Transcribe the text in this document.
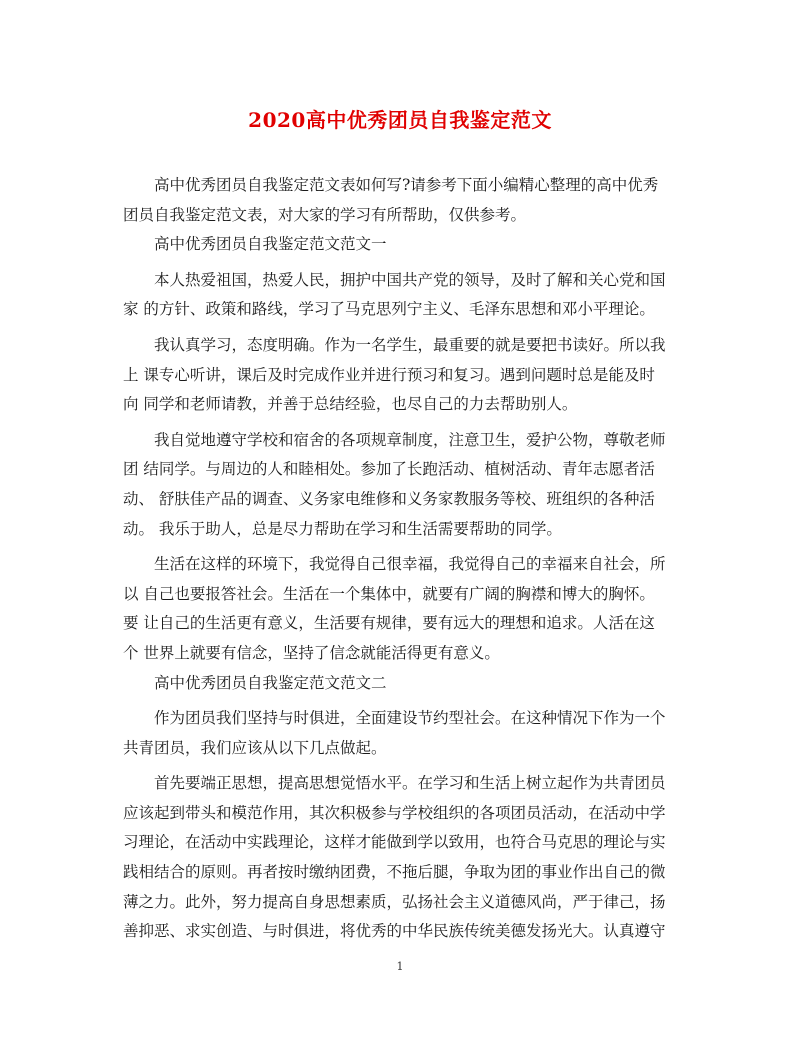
2020高中优秀团员自我鉴定范文
高中优秀团员自我鉴定范文表如何写?请参考下面小编精心整理的高中优秀
团员自我鉴定范文表，对大家的学习有所帮助，仅供参考。
高中优秀团员自我鉴定范文范文一
本人热爱祖国，热爱人民，拥护中国共产党的领导，及时了解和关心党和国
家 的方针、政策和路线，学习了马克思列宁主义、毛泽东思想和邓小平理论。
我认真学习，态度明确。作为一名学生，最重要的就是要把书读好。所以我
上 课专心听讲，课后及时完成作业并进行预习和复习。遇到问题时总是能及时
向 同学和老师请教，并善于总结经验，也尽自己的力去帮助别人。
我自觉地遵守学校和宿舍的各项规章制度，注意卫生，爱护公物，尊敬老师
团 结同学。与周边的人和睦相处。参加了长跑活动、植树活动、青年志愿者活
动、 舒肤佳产品的调查、义务家电维修和义务家教服务等校、班组织的各种活
动。 我乐于助人，总是尽力帮助在学习和生活需要帮助的同学。
生活在这样的环境下，我觉得自己很幸福，我觉得自己的幸福来自社会，所
以 自己也要报答社会。生活在一个集体中，就要有广阔的胸襟和博大的胸怀。
要 让自己的生活更有意义，生活要有规律，要有远大的理想和追求。人活在这
个 世界上就要有信念，坚持了信念就能活得更有意义。
高中优秀团员自我鉴定范文范文二
作为团员我们坚持与时俱进，全面建设节约型社会。在这种情况下作为一个
共青团员，我们应该从以下几点做起。
首先要端正思想，提高思想觉悟水平。在学习和生活上树立起作为共青团员
应该起到带头和模范作用，其次积极参与学校组织的各项团员活动，在活动中学
习理论，在活动中实践理论，这样才能做到学以致用，也符合马克思的理论与实
践相结合的原则。再者按时缴纳团费，不拖后腿，争取为团的事业作出自己的微
薄之力。此外，努力提高自身思想素质，弘扬社会主义道德风尚，严于律己，扬
善抑恶、求实创造、与时俱进，将优秀的中华民族传统美德发扬光大。认真遵守
1
